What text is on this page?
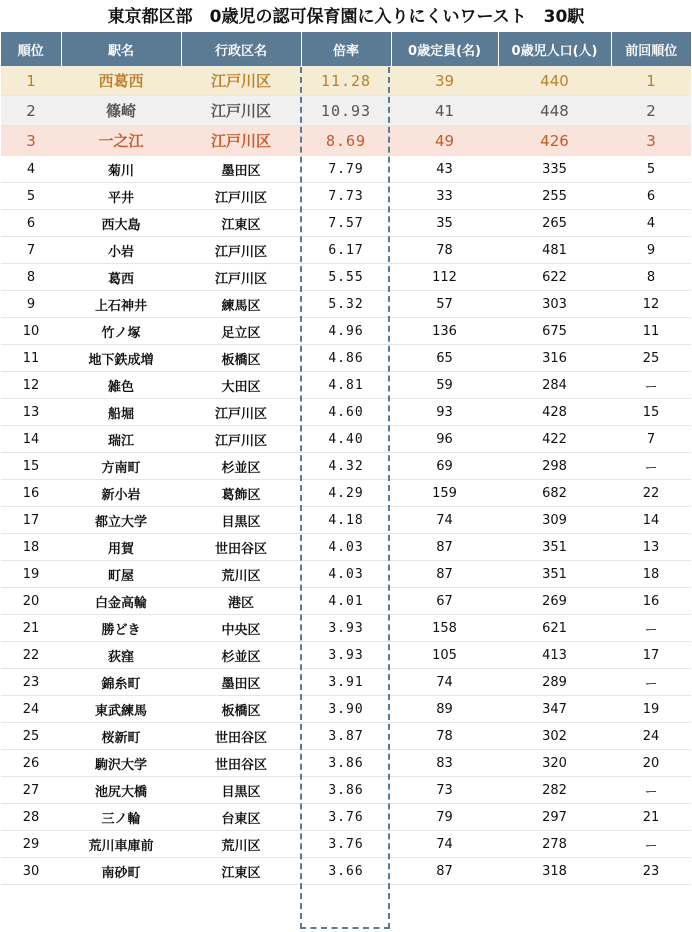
東京都区部　0歳児の認可保育園に入りにくいワースト　30駅
順位	駅名	行政区名	倍率	0歳定員(名)	0歳児人口(人)	前回順位
1	西葛西	江戸川区	11.28	39	440	1
2	篠崎	江戸川区	10.93	41	448	2
3	一之江	江戸川区	8.69	49	426	3
4	菊川	墨田区	7.79	43	335	5
5	平井	江戸川区	7.73	33	255	6
6	西大島	江東区	7.57	35	265	4
7	小岩	江戸川区	6.17	78	481	9
8	葛西	江戸川区	5.55	112	622	8
9	上石神井	練馬区	5.32	57	303	12
10	竹ノ塚	足立区	4.96	136	675	11
11	地下鉄成増	板橋区	4.86	65	316	25
12	雑色	大田区	4.81	59	284	ー
13	船堀	江戸川区	4.60	93	428	15
14	瑞江	江戸川区	4.40	96	422	7
15	方南町	杉並区	4.32	69	298	ー
16	新小岩	葛飾区	4.29	159	682	22
17	都立大学	目黒区	4.18	74	309	14
18	用賀	世田谷区	4.03	87	351	13
19	町屋	荒川区	4.03	87	351	18
20	白金高輪	港区	4.01	67	269	16
21	勝どき	中央区	3.93	158	621	ー
22	荻窪	杉並区	3.93	105	413	17
23	錦糸町	墨田区	3.91	74	289	ー
24	東武練馬	板橋区	3.90	89	347	19
25	桜新町	世田谷区	3.87	78	302	24
26	駒沢大学	世田谷区	3.86	83	320	20
27	池尻大橋	目黒区	3.86	73	282	ー
28	三ノ輪	台東区	3.76	79	297	21
29	荒川車庫前	荒川区	3.76	74	278	ー
30	南砂町	江東区	3.66	87	318	23
